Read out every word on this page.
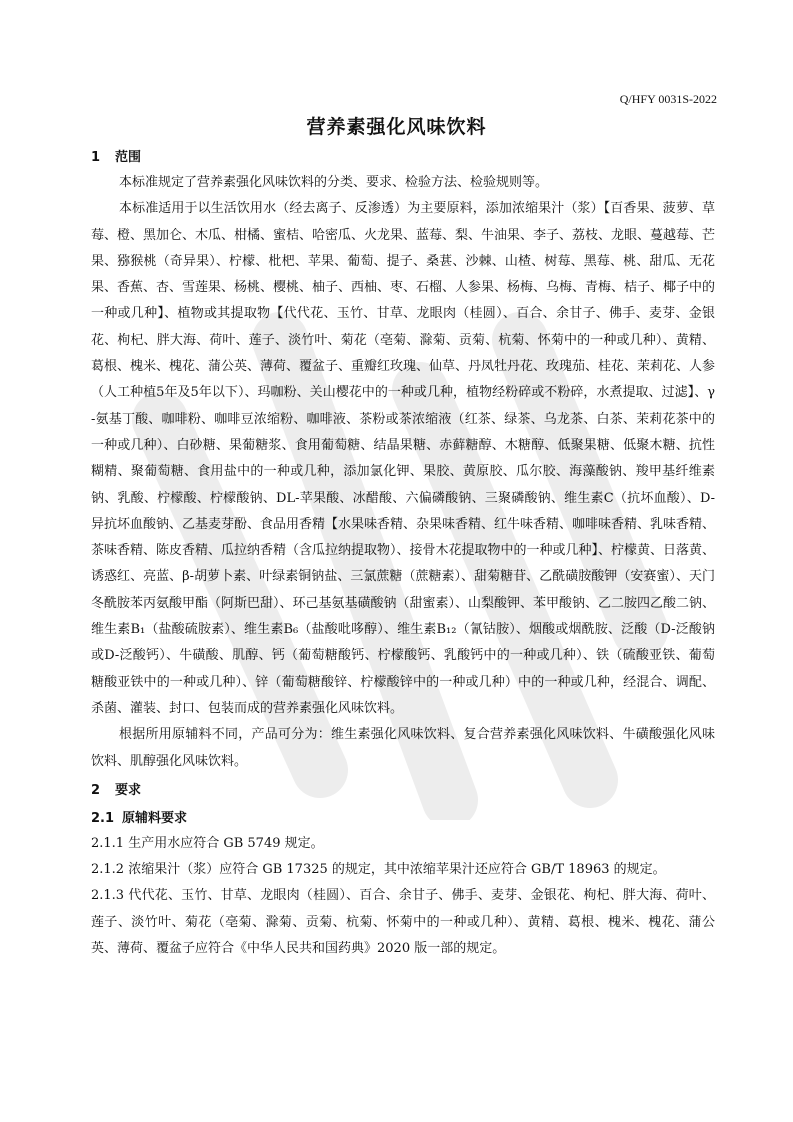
Q/HFY 0031S-2022
营养素强化风味饮料
1 范围
本标准规定了营养素强化风味饮料的分类、要求、检验方法、检验规则等。
本标准适用于以生活饮用水（经去离子、反渗透）为主要原料，添加浓缩果汁（浆）【百香果、菠萝、草莓、橙、黑加仑、木瓜、柑橘、蜜桔、哈密瓜、火龙果、蓝莓、梨、牛油果、李子、荔枝、龙眼、蔓越莓、芒果、猕猴桃（奇异果）、柠檬、枇杷、苹果、葡萄、提子、桑葚、沙棘、山楂、树莓、黑莓、桃、甜瓜、无花果、香蕉、杏、雪莲果、杨桃、樱桃、柚子、西柚、枣、石榴、人参果、杨梅、乌梅、青梅、桔子、椰子中的一种或几种】、植物或其提取物【代代花、玉竹、甘草、龙眼肉（桂圆）、百合、余甘子、佛手、麦芽、金银花、枸杞、胖大海、荷叶、莲子、淡竹叶、菊花（亳菊、滁菊、贡菊、杭菊、怀菊中的一种或几种）、黄精、葛根、槐米、槐花、蒲公英、薄荷、覆盆子、重瓣红玫瑰、仙草、丹凤牡丹花、玫瑰茄、桂花、茉莉花、人参（人工种植5年及5年以下）、玛咖粉、关山樱花中的一种或几种，植物经粉碎或不粉碎，水煮提取、过滤】、γ-氨基丁酸、咖啡粉、咖啡豆浓缩粉、咖啡液、茶粉或茶浓缩液（红茶、绿茶、乌龙茶、白茶、茉莉花茶中的一种或几种）、白砂糖、果葡糖浆、食用葡萄糖、结晶果糖、赤藓糖醇、木糖醇、低聚果糖、低聚木糖、抗性糊精、聚葡萄糖、食用盐中的一种或几种，添加氯化钾、果胶、黄原胶、瓜尔胶、海藻酸钠、羧甲基纤维素钠、乳酸、柠檬酸、柠檬酸钠、DL-苹果酸、冰醋酸、六偏磷酸钠、三聚磷酸钠、维生素C（抗坏血酸）、D-异抗坏血酸钠、乙基麦芽酚、食品用香精【水果味香精、杂果味香精、红牛味香精、咖啡味香精、乳味香精、茶味香精、陈皮香精、瓜拉纳香精（含瓜拉纳提取物）、接骨木花提取物中的一种或几种】、柠檬黄、日落黄、诱惑红、亮蓝、β-胡萝卜素、叶绿素铜钠盐、三氯蔗糖（蔗糖素）、甜菊糖苷、乙酰磺胺酸钾（安赛蜜）、天门冬酰胺苯丙氨酸甲酯（阿斯巴甜）、环己基氨基磺酸钠（甜蜜素）、山梨酸钾、苯甲酸钠、乙二胺四乙酸二钠、维生素B₁（盐酸硫胺素）、维生素B₆（盐酸吡哆醇）、维生素B₁₂（氰钴胺）、烟酸或烟酰胺、泛酸（D-泛酸钠或D-泛酸钙）、牛磺酸、肌醇、钙（葡萄糖酸钙、柠檬酸钙、乳酸钙中的一种或几种）、铁（硫酸亚铁、葡萄糖酸亚铁中的一种或几种）、锌（葡萄糖酸锌、柠檬酸锌中的一种或几种）中的一种或几种，经混合、调配、杀菌、灌装、封口、包装而成的营养素强化风味饮料。
根据所用原辅料不同，产品可分为：维生素强化风味饮料、复合营养素强化风味饮料、牛磺酸强化风味饮料、肌醇强化风味饮料。
2 要求
2.1 原辅料要求
2.1.1 生产用水应符合 GB 5749 规定。
2.1.2 浓缩果汁（浆）应符合 GB 17325 的规定，其中浓缩苹果汁还应符合 GB/T 18963 的规定。
2.1.3 代代花、玉竹、甘草、龙眼肉（桂圆）、百合、余甘子、佛手、麦芽、金银花、枸杞、胖大海、荷叶、莲子、淡竹叶、菊花（亳菊、滁菊、贡菊、杭菊、怀菊中的一种或几种）、黄精、葛根、槐米、槐花、蒲公英、薄荷、覆盆子应符合《中华人民共和国药典》2020 版一部的规定。
